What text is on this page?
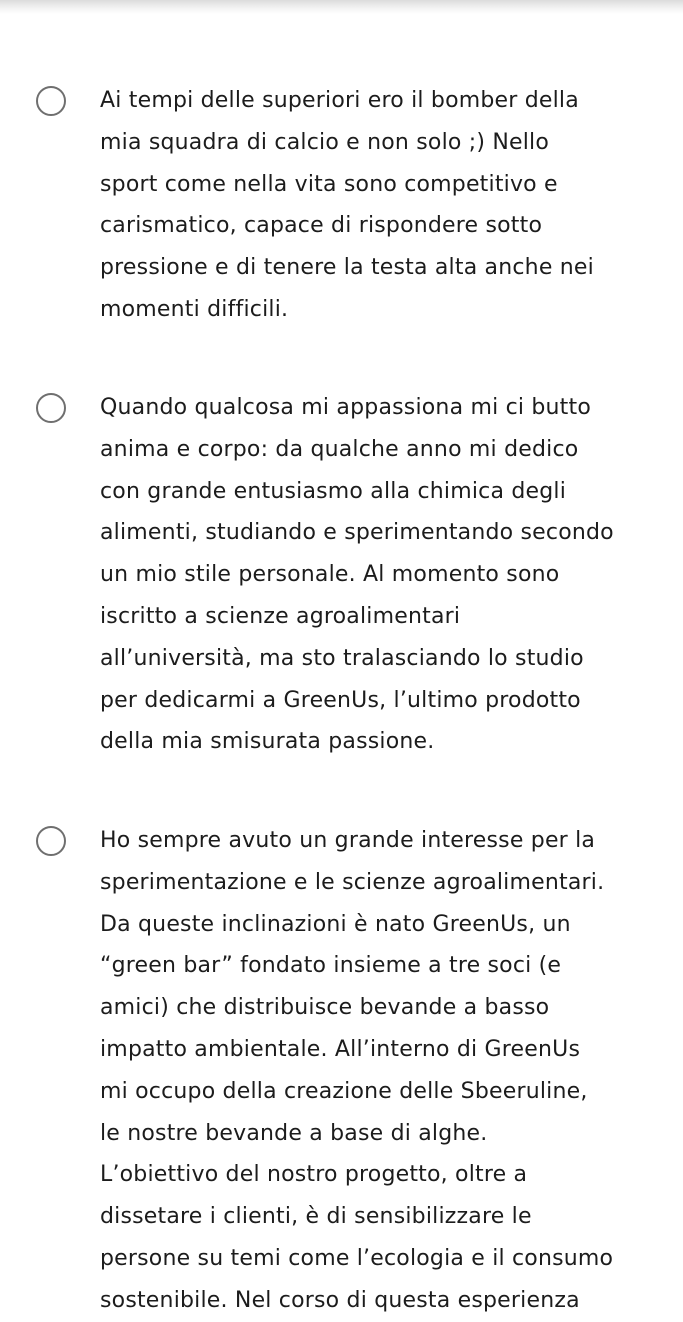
Ai tempi delle superiori ero il bomber della
mia squadra di calcio e non solo ;) Nello
sport come nella vita sono competitivo e
carismatico, capace di rispondere sotto
pressione e di tenere la testa alta anche nei
momenti difficili.

Quando qualcosa mi appassiona mi ci butto
anima e corpo: da qualche anno mi dedico
con grande entusiasmo alla chimica degli
alimenti, studiando e sperimentando secondo
un mio stile personale. Al momento sono
iscritto a scienze agroalimentari
all’università, ma sto tralasciando lo studio
per dedicarmi a GreenUs, l’ultimo prodotto
della mia smisurata passione.

Ho sempre avuto un grande interesse per la
sperimentazione e le scienze agroalimentari.
Da queste inclinazioni è nato GreenUs, un
“green bar” fondato insieme a tre soci (e
amici) che distribuisce bevande a basso
impatto ambientale. All’interno di GreenUs
mi occupo della creazione delle Sbeeruline,
le nostre bevande a base di alghe.
L’obiettivo del nostro progetto, oltre a
dissetare i clienti, è di sensibilizzare le
persone su temi come l’ecologia e il consumo
sostenibile. Nel corso di questa esperienza
